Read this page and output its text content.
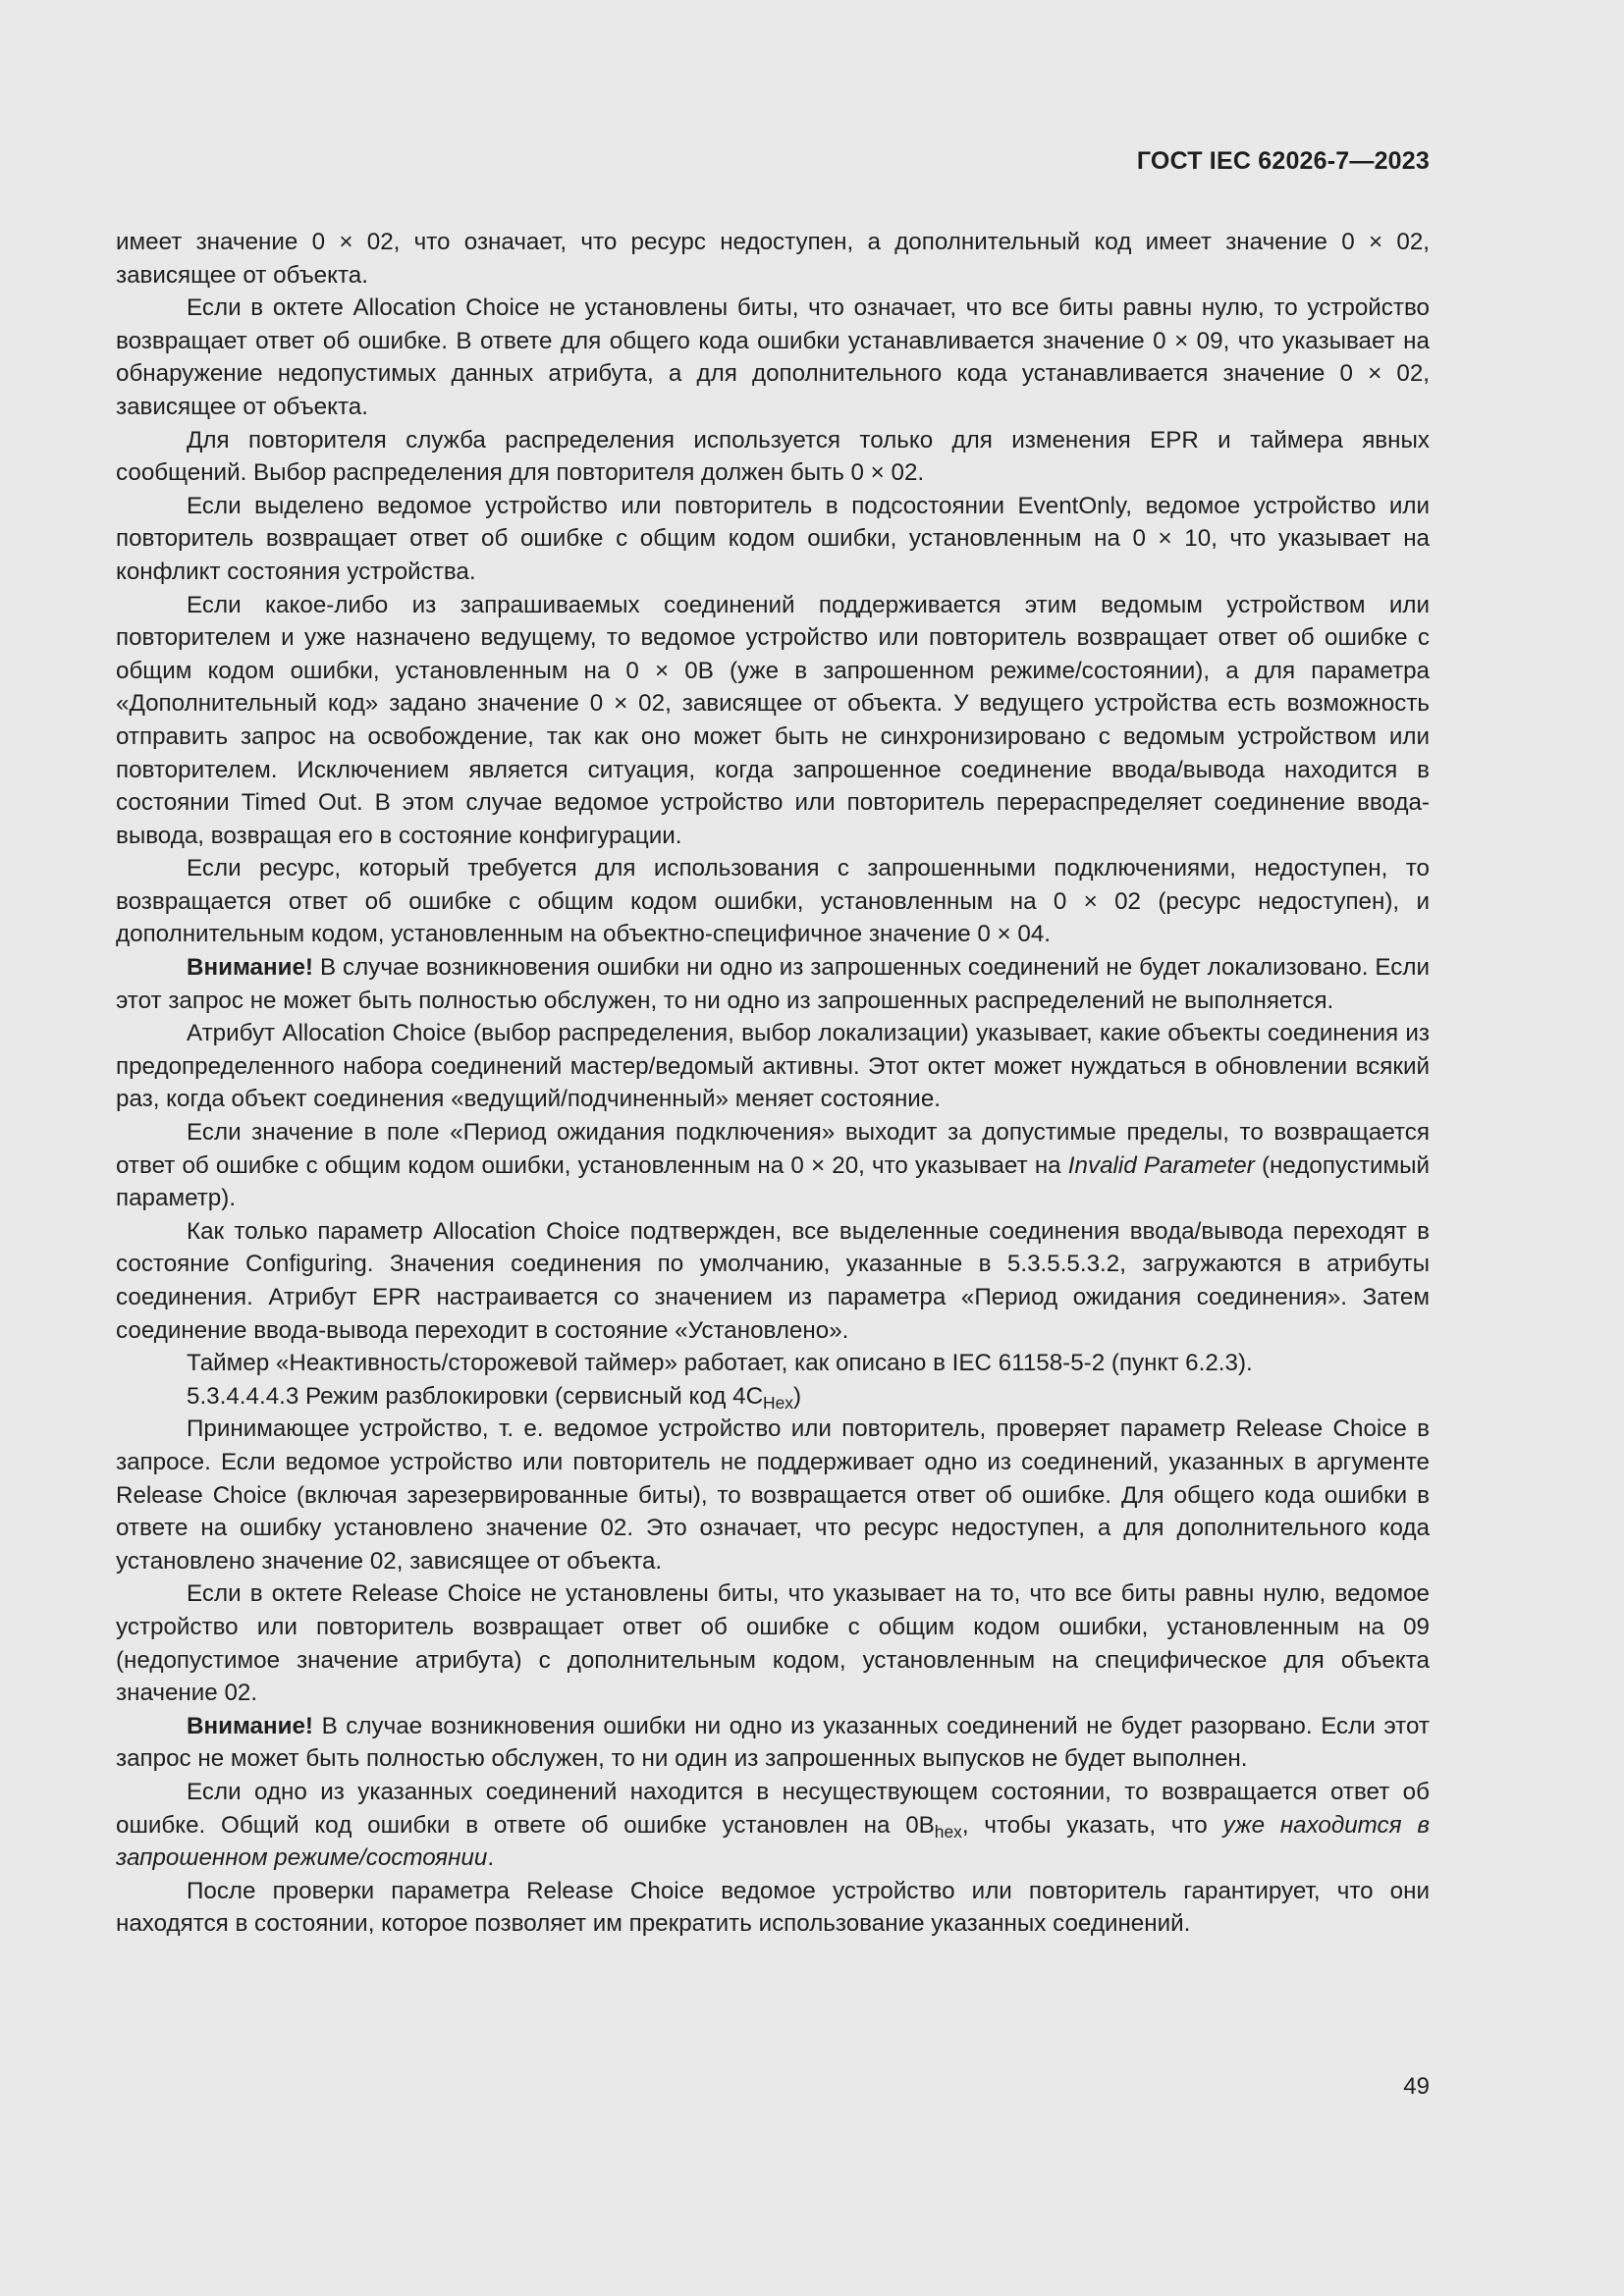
ГОСТ IEC 62026-7—2023

имеет значение 0 × 02, что означает, что ресурс недоступен, а дополнительный код имеет значение 0 × 02, зависящее от объекта.

Если в октете Allocation Choice не установлены биты, что означает, что все биты равны нулю, то устройство возвращает ответ об ошибке. В ответе для общего кода ошибки устанавливается значение 0 × 09, что указывает на обнаружение недопустимых данных атрибута, а для дополнительного кода устанавливается значение 0 × 02, зависящее от объекта.

Для повторителя служба распределения используется только для изменения EPR и таймера явных сообщений. Выбор распределения для повторителя должен быть 0 × 02.

Если выделено ведомое устройство или повторитель в подсостоянии EventOnly, ведомое устройство или повторитель возвращает ответ об ошибке с общим кодом ошибки, установленным на 0 × 10, что указывает на конфликт состояния устройства.

Если какое-либо из запрашиваемых соединений поддерживается этим ведомым устройством или повторителем и уже назначено ведущему, то ведомое устройство или повторитель возвращает ответ об ошибке с общим кодом ошибки, установленным на 0 × 0B (уже в запрошенном режиме/состоянии), а для параметра «Дополнительный код» задано значение 0 × 02, зависящее от объекта. У ведущего устройства есть возможность отправить запрос на освобождение, так как оно может быть не синхронизировано с ведомым устройством или повторителем. Исключением является ситуация, когда запрошенное соединение ввода/вывода находится в состоянии Timed Out. В этом случае ведомое устройство или повторитель перераспределяет соединение ввода-вывода, возвращая его в состояние конфигурации.

Если ресурс, который требуется для использования с запрошенными подключениями, недоступен, то возвращается ответ об ошибке с общим кодом ошибки, установленным на 0 × 02 (ресурс недоступен), и дополнительным кодом, установленным на объектно-специфичное значение 0 × 04.

Внимание! В случае возникновения ошибки ни одно из запрошенных соединений не будет локализовано. Если этот запрос не может быть полностью обслужен, то ни одно из запрошенных распределений не выполняется.

Атрибут Allocation Choice (выбор распределения, выбор локализации) указывает, какие объекты соединения из предопределенного набора соединений мастер/ведомый активны. Этот октет может нуждаться в обновлении всякий раз, когда объект соединения «ведущий/подчиненный» меняет состояние.

Если значение в поле «Период ожидания подключения» выходит за допустимые пределы, то возвращается ответ об ошибке с общим кодом ошибки, установленным на 0 × 20, что указывает на Invalid Parameter (недопустимый параметр).

Как только параметр Allocation Choice подтвержден, все выделенные соединения ввода/вывода переходят в состояние Configuring. Значения соединения по умолчанию, указанные в 5.3.5.5.3.2, загружаются в атрибуты соединения. Атрибут EPR настраивается со значением из параметра «Период ожидания соединения». Затем соединение ввода-вывода переходит в состояние «Установлено».

Таймер «Неактивность/сторожевой таймер» работает, как описано в IEC 61158-5-2 (пункт 6.2.3).

5.3.4.4.4.3 Режим разблокировки (сервисный код $4C_{Hex}$)

Принимающее устройство, т. е. ведомое устройство или повторитель, проверяет параметр Release Choice в запросе. Если ведомое устройство или повторитель не поддерживает одно из соединений, указанных в аргументе Release Choice (включая зарезервированные биты), то возвращается ответ об ошибке. Для общего кода ошибки в ответе на ошибку установлено значение 02. Это означает, что ресурс недоступен, а для дополнительного кода установлено значение 02, зависящее от объекта.

Если в октете Release Choice не установлены биты, что указывает на то, что все биты равны нулю, ведомое устройство или повторитель возвращает ответ об ошибке с общим кодом ошибки, установленным на 09 (недопустимое значение атрибута) с дополнительным кодом, установленным на специфическое для объекта значение 02.

Внимание! В случае возникновения ошибки ни одно из указанных соединений не будет разорвано. Если этот запрос не может быть полностью обслужен, то ни один из запрошенных выпусков не будет выполнен.

Если одно из указанных соединений находится в несуществующем состоянии, то возвращается ответ об ошибке. Общий код ошибки в ответе об ошибке установлен на $0B_{hex}$, чтобы указать, что уже находится в запрошенном режиме/состоянии.

После проверки параметра Release Choice ведомое устройство или повторитель гарантирует, что они находятся в состоянии, которое позволяет им прекратить использование указанных соединений.

49
